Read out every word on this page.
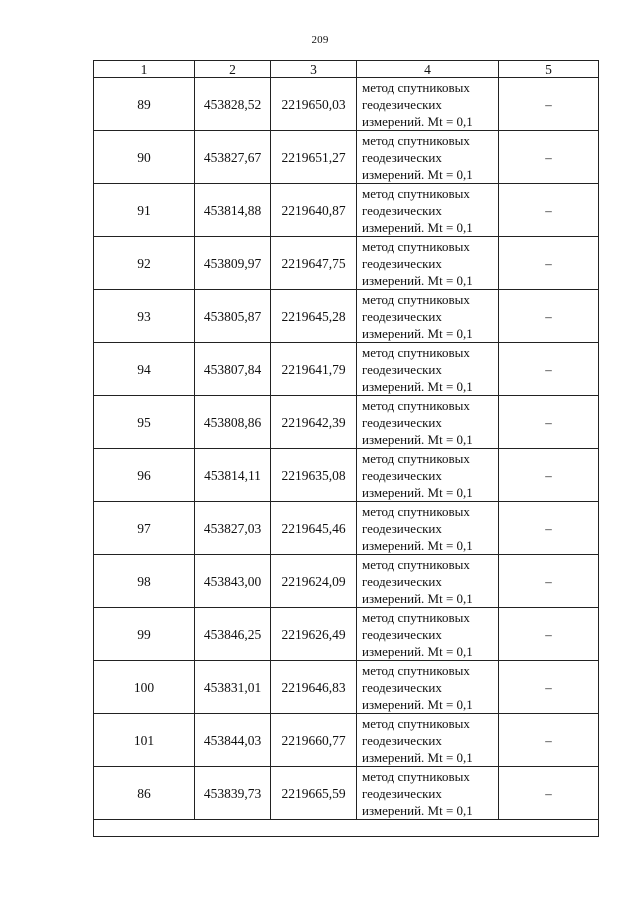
209
1	2	3	4	5
89	453828,52	2219650,03	метод спутниковых
геодезических
измерений. Mt = 0,1	–
90	453827,67	2219651,27	метод спутниковых
геодезических
измерений. Mt = 0,1	–
91	453814,88	2219640,87	метод спутниковых
геодезических
измерений. Mt = 0,1	–
92	453809,97	2219647,75	метод спутниковых
геодезических
измерений. Mt = 0,1	–
93	453805,87	2219645,28	метод спутниковых
геодезических
измерений. Mt = 0,1	–
94	453807,84	2219641,79	метод спутниковых
геодезических
измерений. Mt = 0,1	–
95	453808,86	2219642,39	метод спутниковых
геодезических
измерений. Mt = 0,1	–
96	453814,11	2219635,08	метод спутниковых
геодезических
измерений. Mt = 0,1	–
97	453827,03	2219645,46	метод спутниковых
геодезических
измерений. Mt = 0,1	–
98	453843,00	2219624,09	метод спутниковых
геодезических
измерений. Mt = 0,1	–
99	453846,25	2219626,49	метод спутниковых
геодезических
измерений. Mt = 0,1	–
100	453831,01	2219646,83	метод спутниковых
геодезических
измерений. Mt = 0,1	–
101	453844,03	2219660,77	метод спутниковых
геодезических
измерений. Mt = 0,1	–
86	453839,73	2219665,59	метод спутниковых
геодезических
измерений. Mt = 0,1	–
